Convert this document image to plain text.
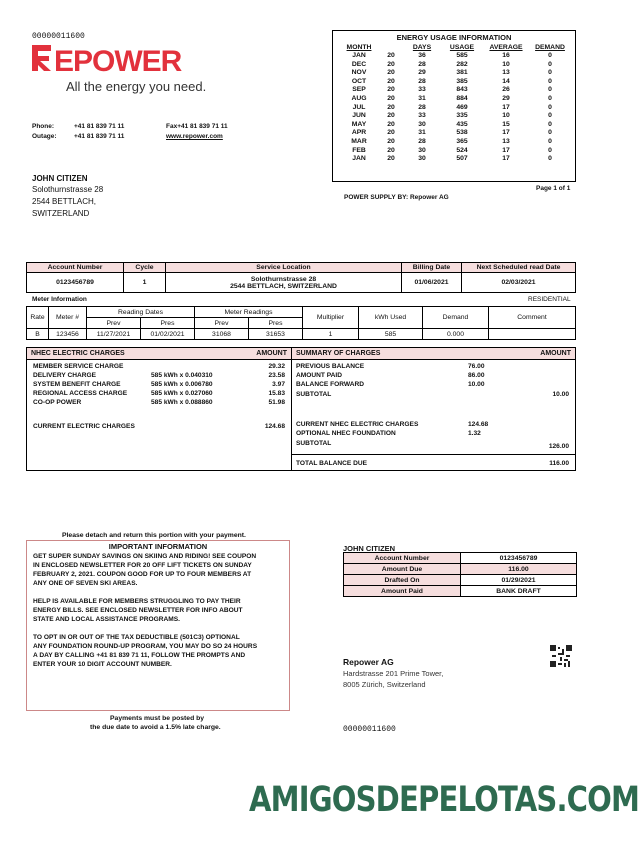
00000011600
EPOWER
All the energy you need.
Phone:	+41 81 839 71 11
Outage:	+41 81 839 71 11
Fax+41 81 839 71 11
www.repower.com
JOHN CITIZEN
Solothurnstrasse 28
2544 BETTLACH,
SWITZERLAND
ENERGY USAGE INFORMATION
MONTH		DAYS	USAGE	AVERAGE	DEMAND
JAN	20	36	585	16	0
DEC	20	28	282	10	0
NOV	20	29	381	13	0
OCT	20	28	385	14	0
SEP	20	33	843	26	0
AUG	20	31	884	29	0
JUL	20	28	469	17	0
JUN	20	33	335	10	0
MAY	20	30	435	15	0
APR	20	31	538	17	0
MAR	20	28	365	13	0
FEB	20	30	524	17	0
JAN	20	30	507	17	0
Page 1 of 1
POWER SUPPLY BY: Repower AG
Account Number	Cycle	Service Location	Billing Date	Next Scheduled read Date
0123456789	1	Solothurnstrasse 28
2544 BETTLACH, SWITZERLAND	01/06/2021	02/03/2021
Meter Information	RESIDENTIAL
Rate	Meter #	Reading Dates		Meter Readings		Multiplier	kWh Used	Demand	Comment
		Prev	Pres	Prev	Pres				
B	123456	11/27/2021	01/02/2021	31068	31653	1	585	0.000	
NHEC ELECTRIC CHARGES	AMOUNT
MEMBER SERVICE CHARGE	29.32
DELIVERY CHARGE	585 kWh x 0.040310	23.58
SYSTEM BENEFIT CHARGE	585 kWh x 0.006780	3.97
REGIONAL ACCESS CHARGE	585 kWh x 0.027060	15.83
CO-OP POWER	585 kWh x 0.088860	51.98
CURRENT ELECTRIC CHARGES	124.68
SUMMARY OF CHARGES	AMOUNT
PREVIOUS BALANCE	76.00
AMOUNT PAID	86.00
BALANCE FORWARD	10.00
SUBTOTAL	10.00
CURRENT NHEC ELECTRIC CHARGES	124.68
OPTIONAL NHEC FOUNDATION	1.32
SUBTOTAL	126.00
TOTAL BALANCE DUE	116.00
Please detach and return this portion with your payment.
IMPORTANT INFORMATION

GET SUPER SUNDAY SAVINGS ON SKIING AND RIDING! SEE COUPON

IN ENCLOSED NEWSLETTER FOR 20 OFF LIFT TICKETS ON SUNDAY

FEBRUARY 2, 2021. COUPON GOOD FOR UP TO FOUR MEMBERS AT

ANY ONE OF SEVEN SKI AREAS.

HELP IS AVAILABLE FOR MEMBERS STRUGGLING TO PAY THEIR

ENERGY BILLS. SEE ENCLOSED NEWSLETTER FOR INFO ABOUT

STATE AND LOCAL ASSISTANCE PROGRAMS.

TO OPT IN OR OUT OF THE TAX DEDUCTIBLE (501C3) OPTIONAL

ANY FOUNDATION ROUND-UP PROGRAM, YOU MAY DO SO 24 HOURS

A DAY BY CALLING +41 81 839 71 11, FOLLOW THE PROMPTS AND

ENTER YOUR 10 DIGIT ACCOUNT NUMBER.

Payments must be posted by
the due date to avoid a 1.5% late charge.
JOHN CITIZEN
Account Number	0123456789
Amount Due	116.00
Drafted On	01/29/2021
Amount Paid	BANK DRAFT
Repower AG
Hardstrasse 201 Prime Tower,
8005 Zürich, Switzerland
00000011600
AMIGOSDEPELOTAS.COM
